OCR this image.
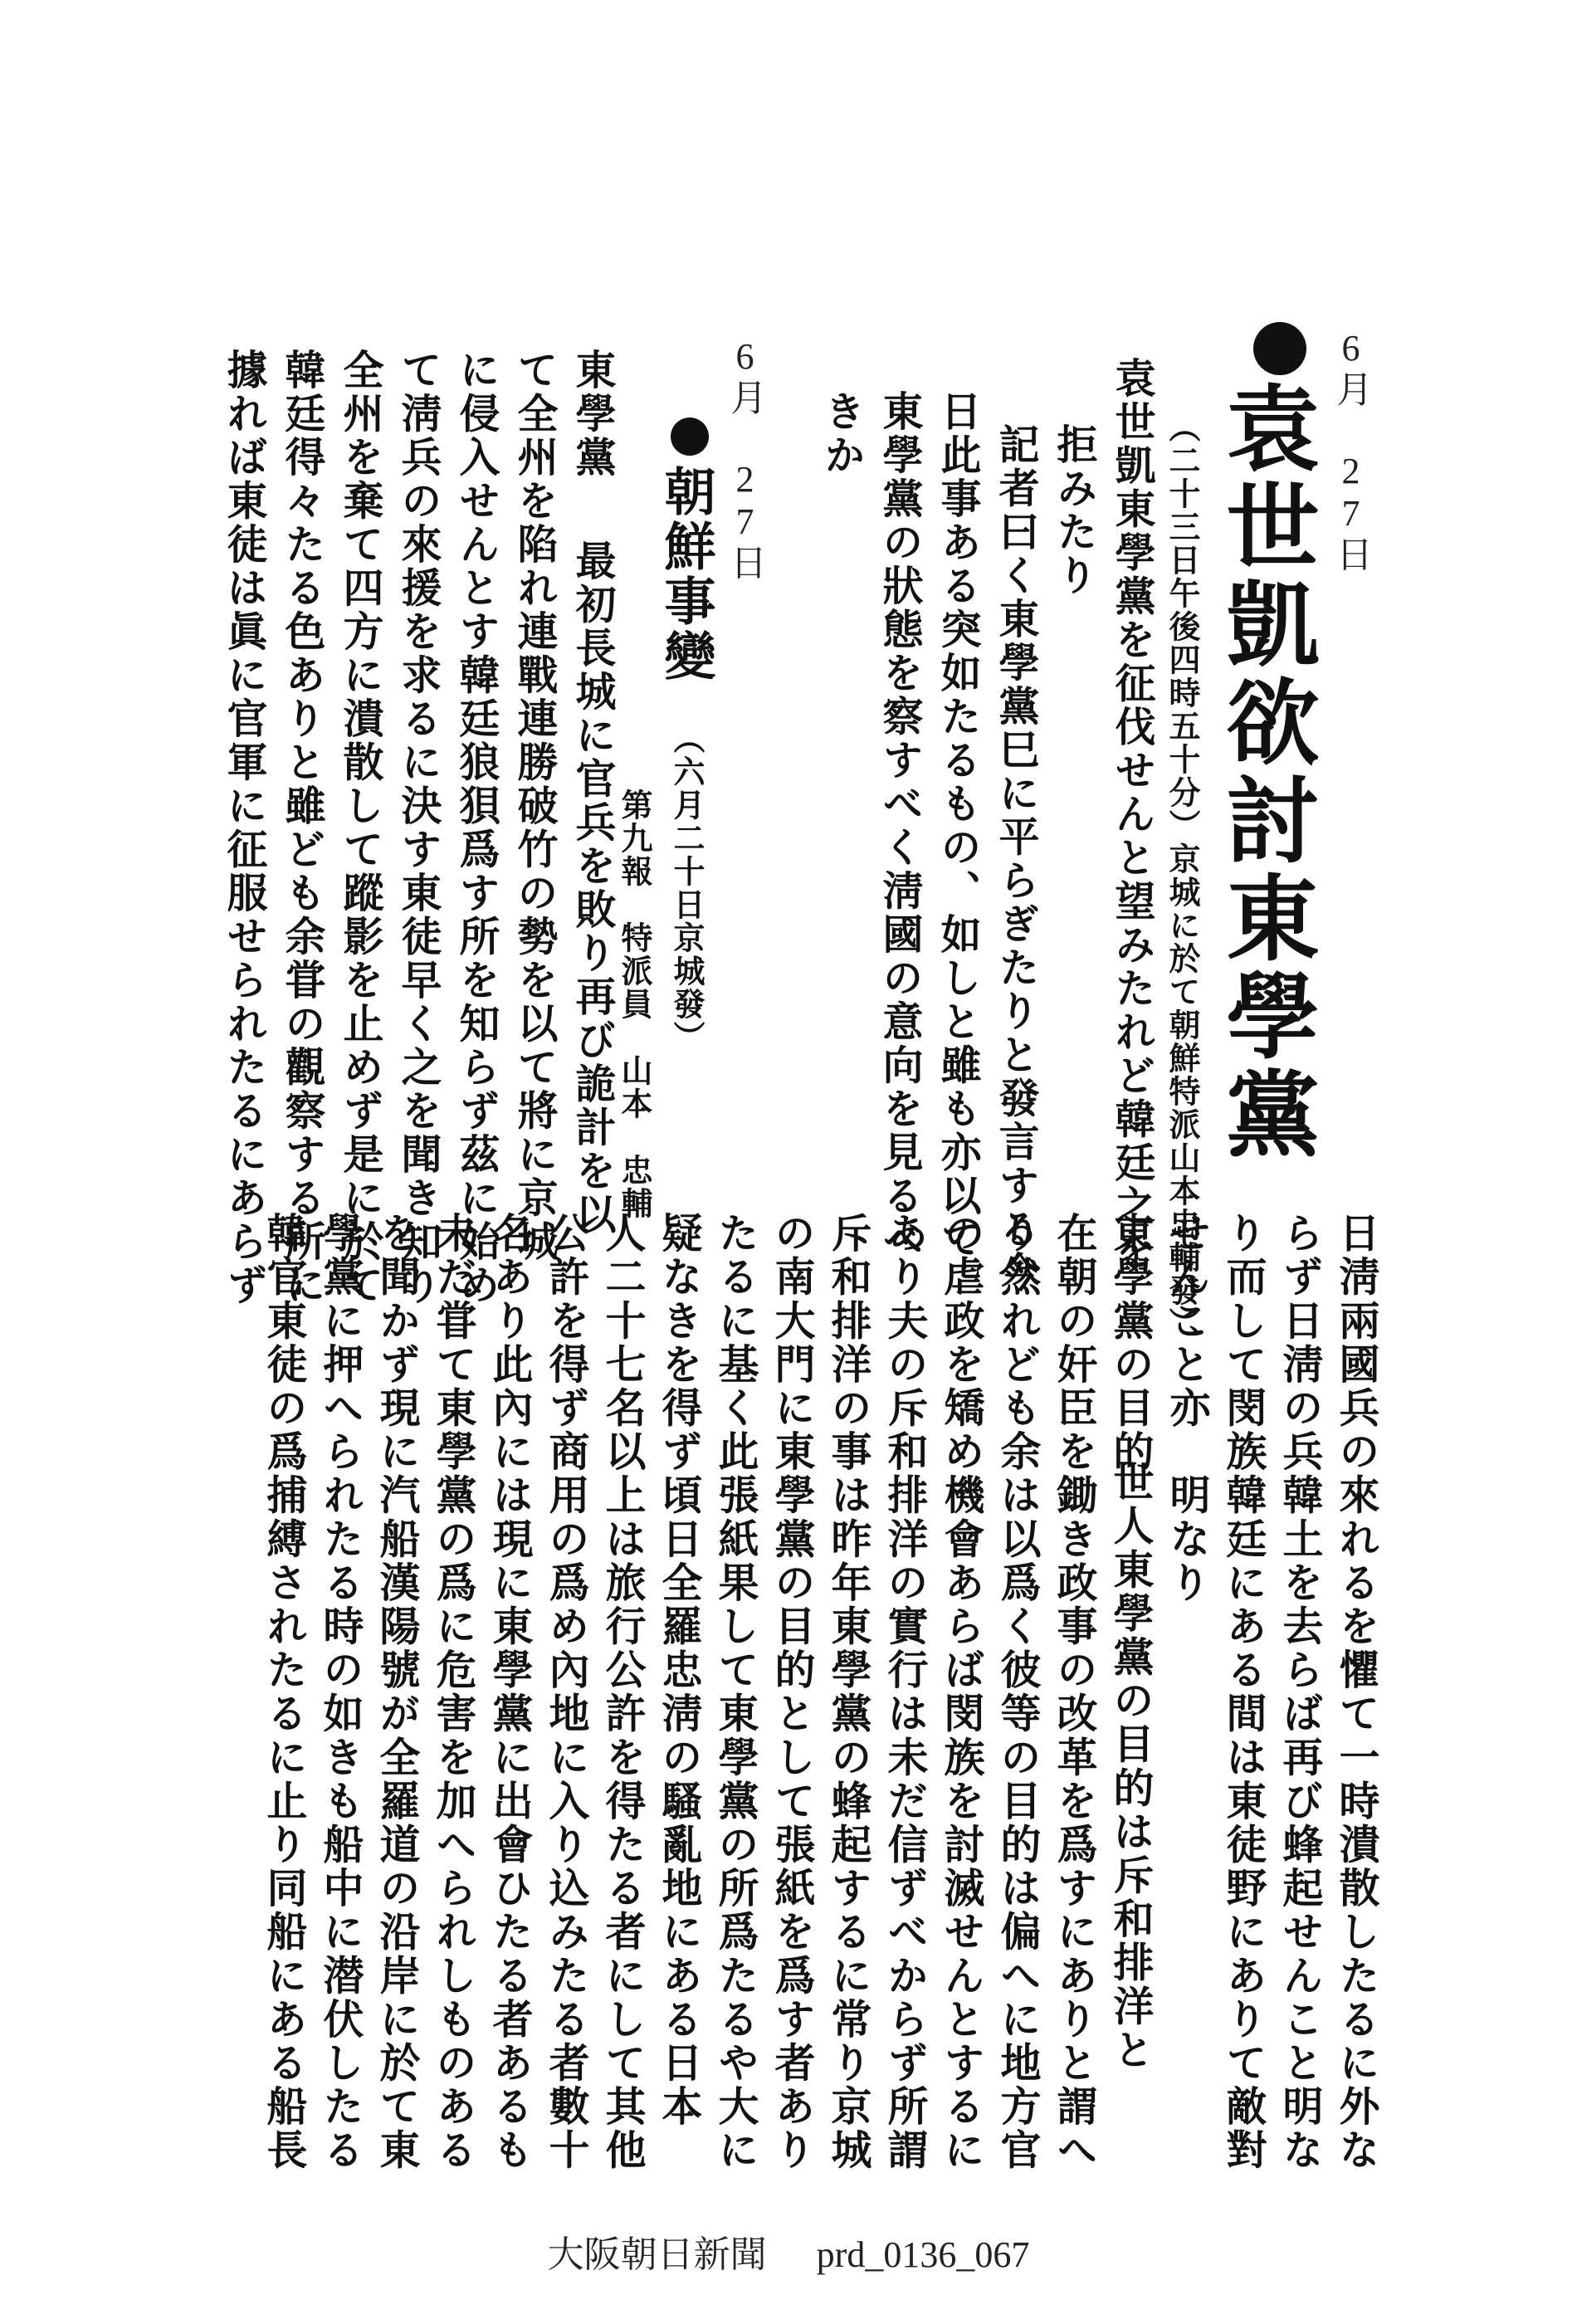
6月 27日
袁世凱欲討東學黨
（二十三日午後四時五十分）京城に於て朝鮮特派山本忠輔發）、
袁世凱東學黨を征伐せんと望みたれど韓廷之を
拒みたり
記者曰く東學黨巳に平らぎたりと發言する今
日此事ある突如たるもの、如しと雖も亦以て
東學黨の狀態を察すべく淸國の意向を見るべ
きか
6月 27日
朝鮮事變
（六月二十日京城發）
第九報　特派員　山本　忠輔
東學黨
最初長城に官兵を敗り再び詭計を以
て全州を陷れ連戰連勝破竹の勢を以て將に京城
に侵入せんとす韓廷狼狽爲す所を知らず茲に始め
て淸兵の來援を求るに決す東徒早く之を聞き知り
全州を棄て四方に潰散して蹤影を止めず是に於て
韓廷得々たる色ありと雖ども余甞の觀察する所に
據れば東徒は眞に官軍に征服せられたるにあらず
日淸兩國兵の來れるを懼て一時潰散したるに外な
らず日淸の兵韓土を去らば再び蜂起せんこと明な
り而して閔族韓廷にある間は東徒野にありて敵對
せんこと亦　明なり
東學黨の目的
世人東學黨の目的は斥和排洋と
在朝の奸臣を鋤き政事の改革を爲すにありと謂へ
り然れども余は以爲く彼等の目的は偏へに地方官
の虐政を矯め機會あらば閔族を討滅せんとするに
あり夫の斥和排洋の實行は未だ信ずべからず所謂
斥和排洋の事は昨年東學黨の蜂起するに常り京城
の南大門に東學黨の目的として張紙を爲す者あり
たるに基く此張紙果して東學黨の所爲たるや大に
疑なきを得ず頃日全羅忠淸の騷亂地にある日本
人二十七名以上は旅行公許を得たる者にして其他
公許を得ず商用の爲め內地に入り込みたる者數十
名あり此內には現に東學黨に出會ひたる者あるも
未だ甞て東學黨の爲に危害を加へられしものある
を聞かず現に汽船漢陽號が全羅道の沿岸に於て東
學黨に押へられたる時の如きも船中に潜伏したる
韓官東徒の爲捕縛されたるに止り同船にある船長
大阪朝日新聞 prd_0136_067
